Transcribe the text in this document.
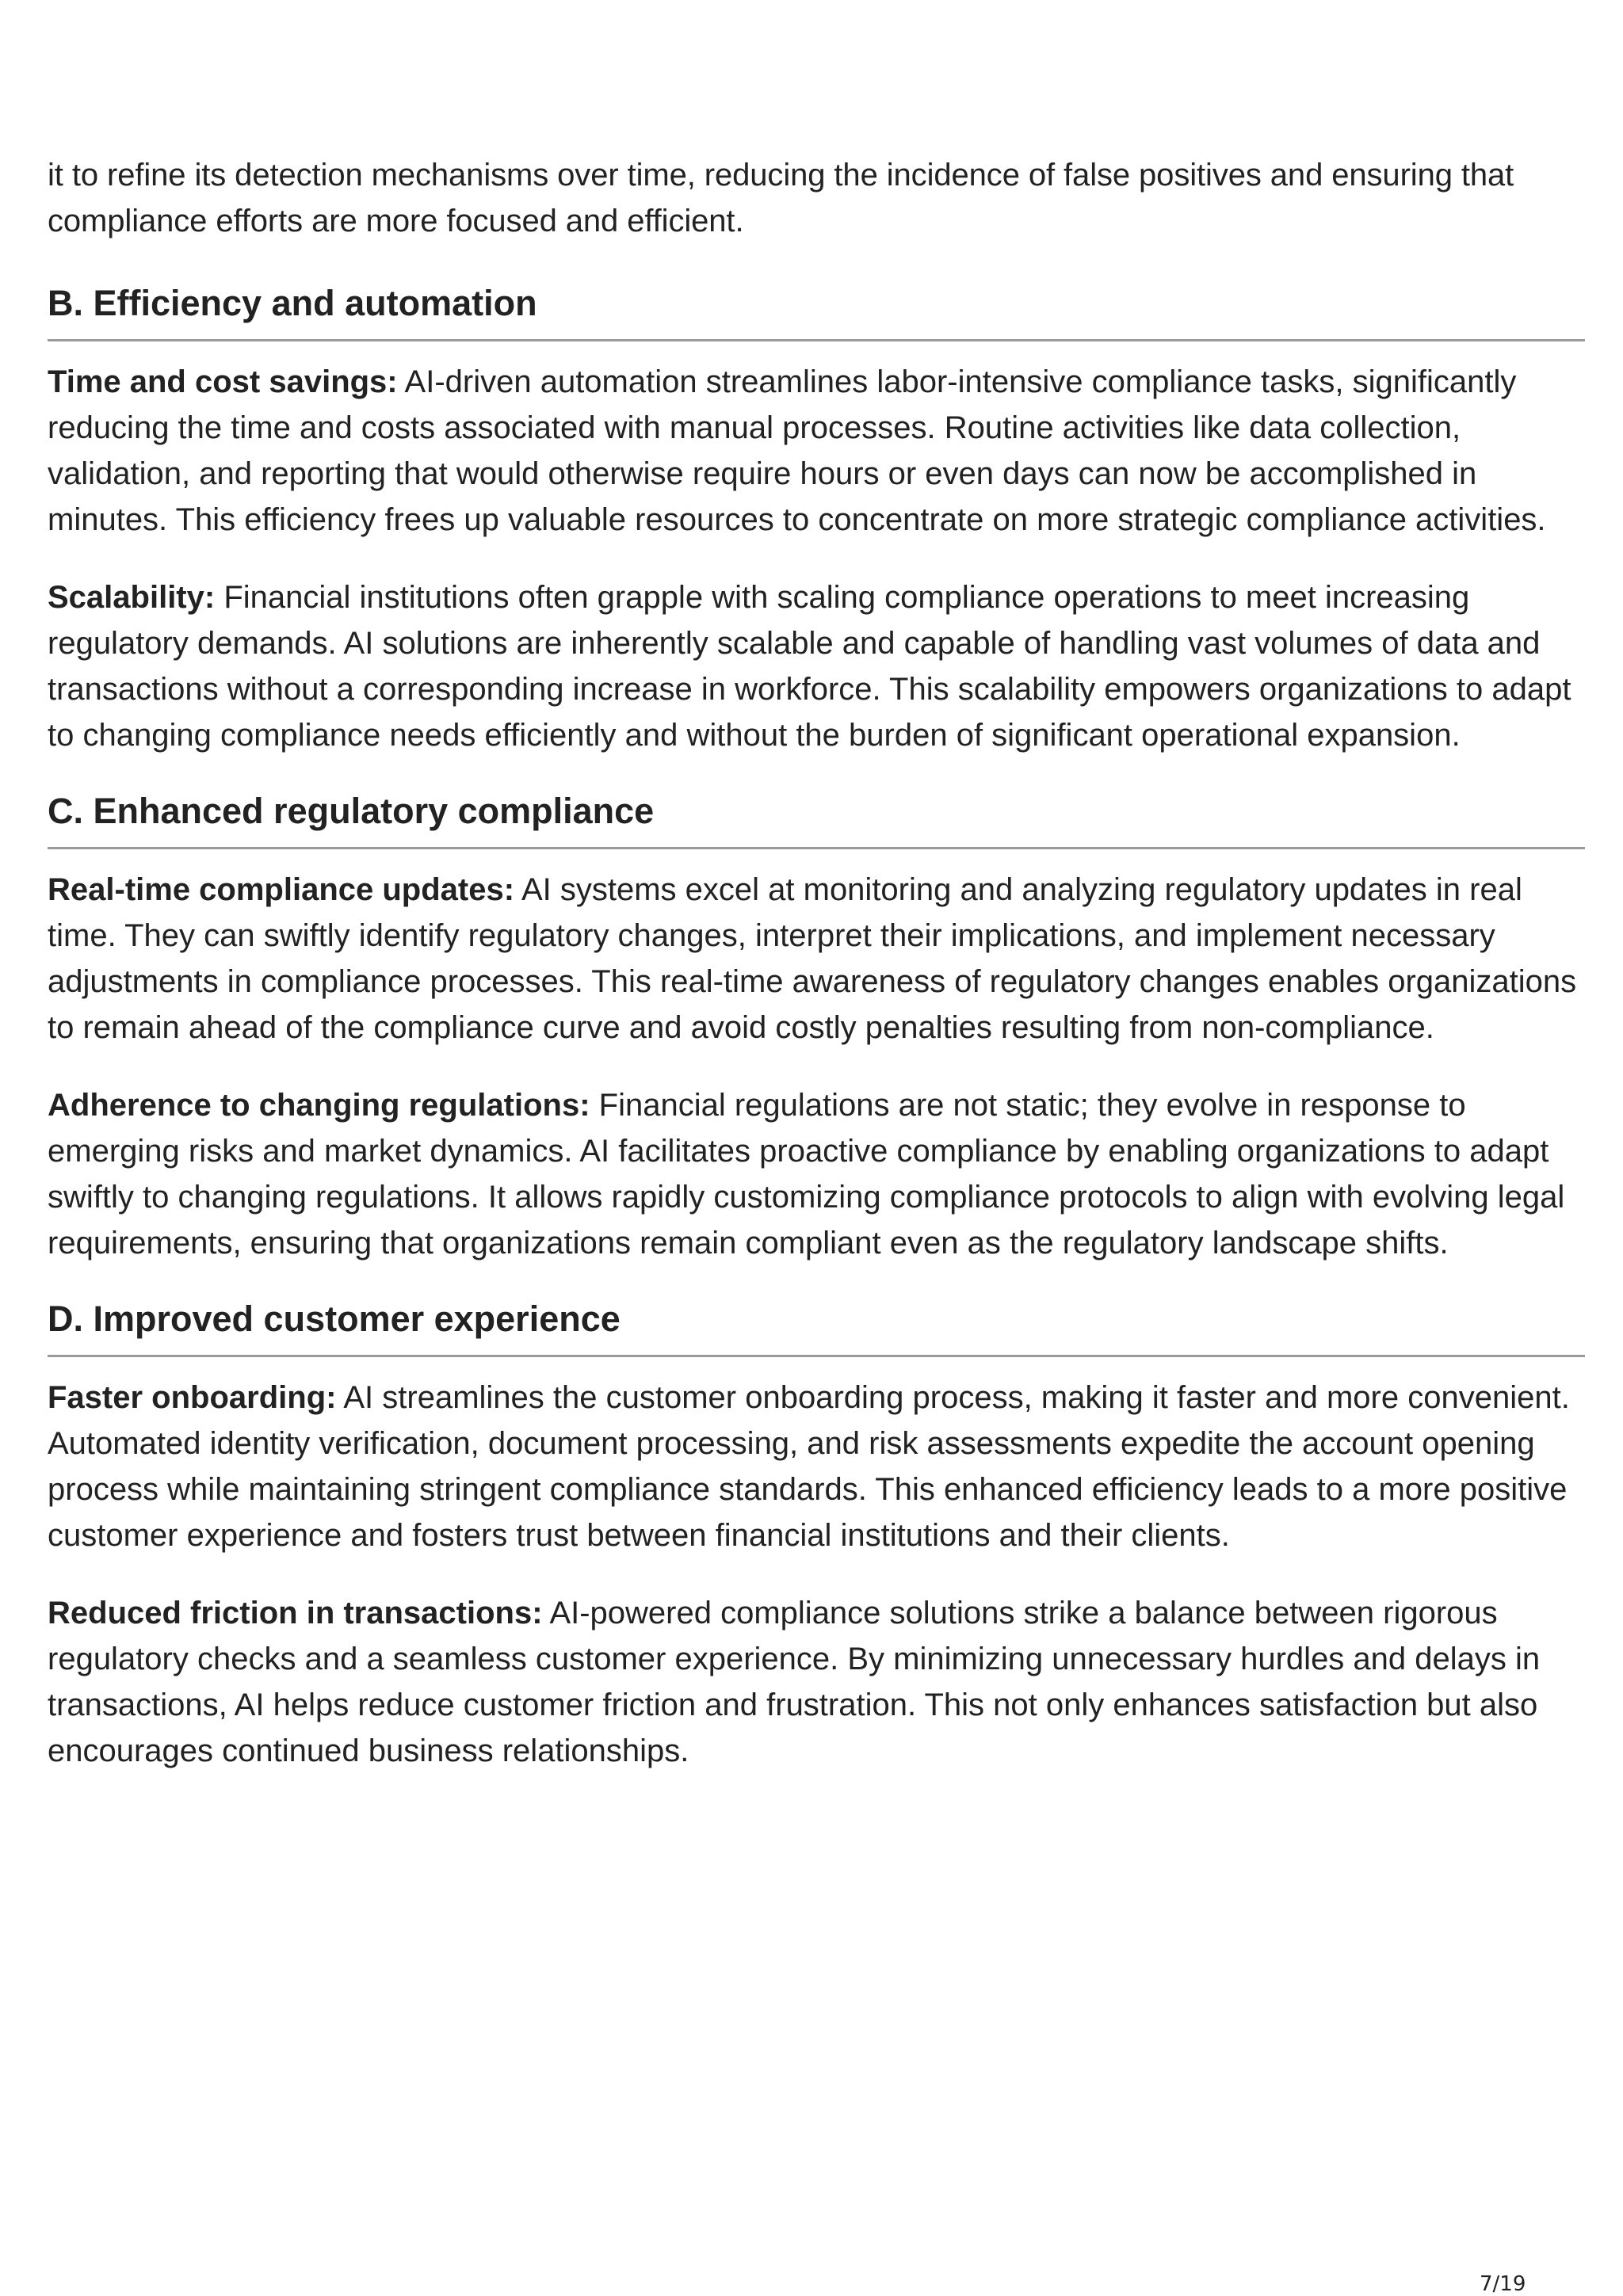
it to refine its detection mechanisms over time, reducing the incidence of false positives and ensuring that compliance efforts are more focused and efficient.

B. Efficiency and automation

Time and cost savings: AI-driven automation streamlines labor-intensive compliance tasks, significantly reducing the time and costs associated with manual processes. Routine activities like data collection, validation, and reporting that would otherwise require hours or even days can now be accomplished in minutes. This efficiency frees up valuable resources to concentrate on more strategic compliance activities.

Scalability: Financial institutions often grapple with scaling compliance operations to meet increasing regulatory demands. AI solutions are inherently scalable and capable of handling vast volumes of data and transactions without a corresponding increase in workforce. This scalability empowers organizations to adapt to changing compliance needs efficiently and without the burden of significant operational expansion.

C. Enhanced regulatory compliance

Real-time compliance updates: AI systems excel at monitoring and analyzing regulatory updates in real time. They can swiftly identify regulatory changes, interpret their implications, and implement necessary adjustments in compliance processes. This real-time awareness of regulatory changes enables organizations to remain ahead of the compliance curve and avoid costly penalties resulting from non-compliance.

Adherence to changing regulations: Financial regulations are not static; they evolve in response to emerging risks and market dynamics. AI facilitates proactive compliance by enabling organizations to adapt swiftly to changing regulations. It allows rapidly customizing compliance protocols to align with evolving legal requirements, ensuring that organizations remain compliant even as the regulatory landscape shifts.

D. Improved customer experience

Faster onboarding: AI streamlines the customer onboarding process, making it faster and more convenient. Automated identity verification, document processing, and risk assessments expedite the account opening process while maintaining stringent compliance standards. This enhanced efficiency leads to a more positive customer experience and fosters trust between financial institutions and their clients.

Reduced friction in transactions: AI-powered compliance solutions strike a balance between rigorous regulatory checks and a seamless customer experience. By minimizing unnecessary hurdles and delays in transactions, AI helps reduce customer friction and frustration. This not only enhances satisfaction but also encourages continued business relationships.

7/19
